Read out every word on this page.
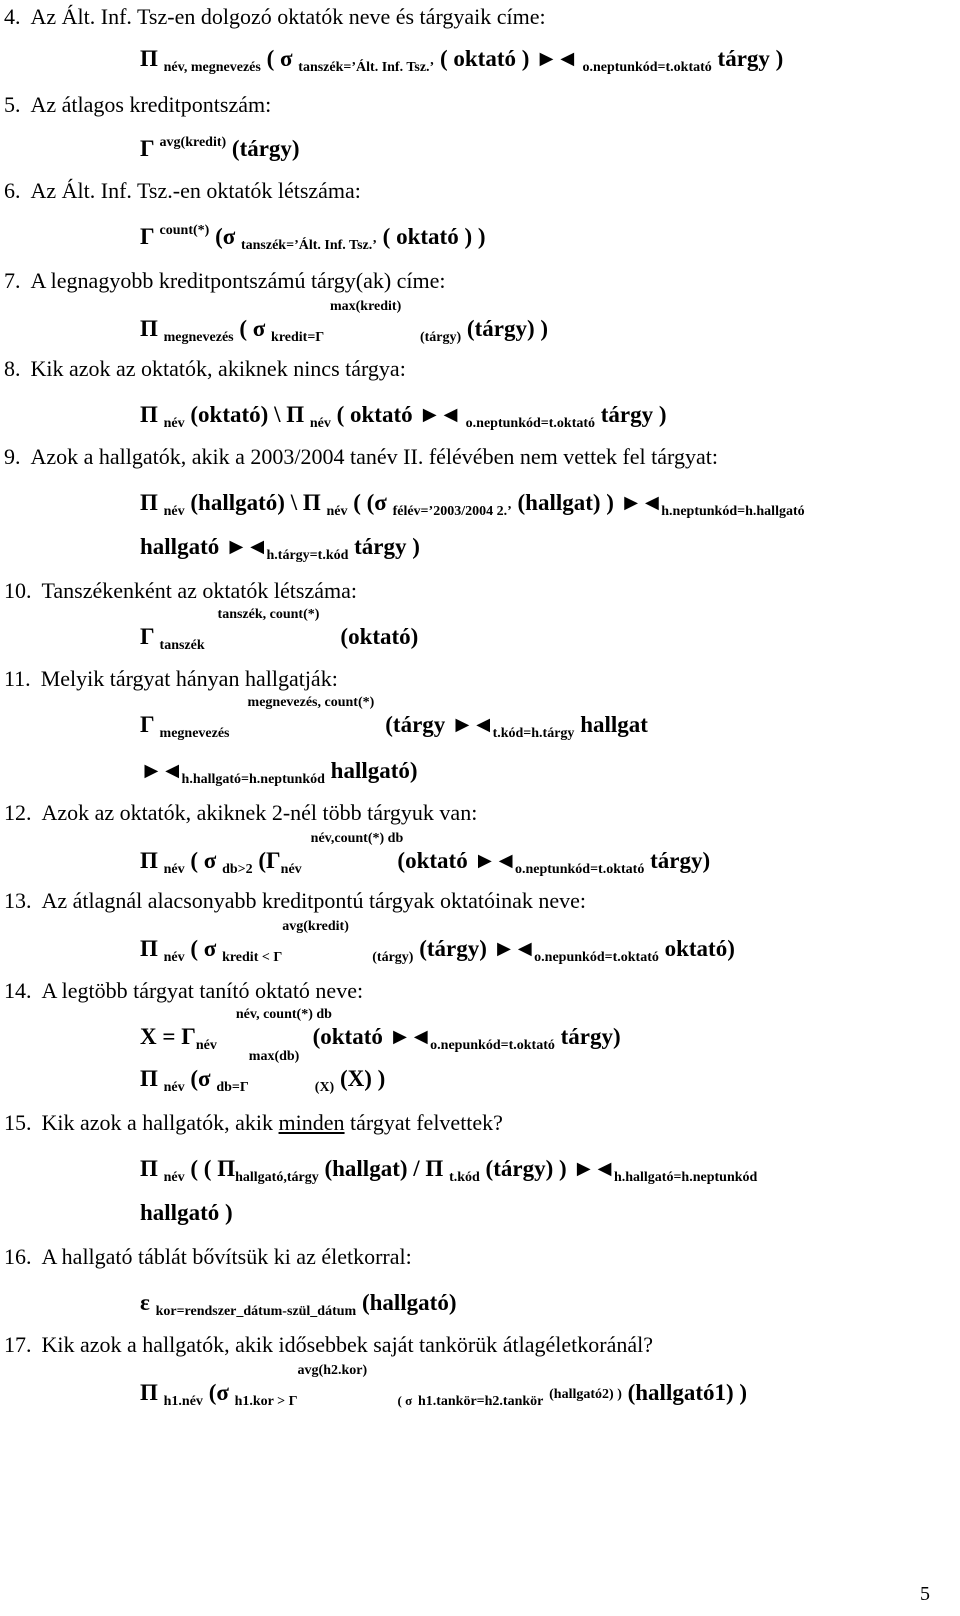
4. Az Ált. Inf. Tsz-en dolgozó oktatók neve és tárgyaik címe:

Π $_{név, megnevezés}$ ( σ $_{tanszék=’Ált. Inf. Tsz.’}$ ( oktató ) ►◄ $_{o.neptunkód=t.oktató}$ tárgy )

5. Az átlagos kreditpontszám:

Γ $^{avg(kredit)}$ (tárgy)

6. Az Ált. Inf. Tsz.-en oktatók létszáma:

Γ $^{count(*)}$ (σ $_{tanszék=’Ált. Inf. Tsz.’}$ ( oktató ) )

7. A legnagyobb kreditpontszámú tárgy(ak) címe:

Π $_{megnevezés}$ ( σ $_{kredit=\Gamma}$
max(kredit)
(tárgy) (tárgy) )

8. Kik azok az oktatók, akiknek nincs tárgya:

Π $_{név}$ (oktató) \ Π $_{név}$ ( oktató ►◄ $_{o.neptunkód=t.oktató}$ tárgy )

9. Azok a hallgatók, akik a 2003/2004 tanév II. félévében nem vettek fel tárgyat:

Π $_{név}$ (hallgató) \ Π $_{név}$ ( (σ $_{félév=’2003/2004 2.’}$ (hallgat) ) $►◄_{h.neptunkód=h.hallgató}$

hallgató $►◄_{h.tárgy=t.kód}$ tárgy )

10. Tanszékenként az oktatók létszáma:

Γ
tanszék, count(*)
tanszék	(oktató)

11. Melyik tárgyat hányan hallgatják:

Γ
megnevezés, count(*)
megnevezés	(tárgy $►◄_{t.kód=h.tárgy}$ hallgat

$►◄_{h.hallgató=h.neptunkód}$ hallgató)

12. Azok az oktatók, akiknek 2-nél több tárgyuk van:

Π $_{név}$ ( σ $_{db>2}$ (Γ
név,count(*) db
név	(oktató $►◄_{o.neptunkód=t.oktató}$ tárgy)

13. Az átlagnál alacsonyabb kreditpontú tárgyak oktatóinak neve:

Π $_{név}$ ( σ $_{kredit < \Gamma}$
avg(kredit)
(tárgy) (tárgy) $►◄_{o.nepunkód=t.oktató}$ oktató)

14. A legtöbb tárgyat tanító oktató neve:

X = Γ
név, count(*) db
név	(oktató $►◄_{o.nepunkód=t.oktató}$ tárgy)

Π $_{név}$ (σ $_{db=\Gamma}$
max(db)
(X) (X) )

15. Kik azok a hallgatók, akik minden tárgyat felvettek?

Π $_{név}$ ( ( $\Pi_{hallgató,tárgy}$ (hallgat) / Π $_{t.kód}$ (tárgy) ) $►◄_{h.hallgató=h.neptunkód}$

hallgató )

16. A hallgató táblát bővítsük ki az életkorral:

ε $_{kor=rendszer\_dátum-szül\_dátum}$ (hallgató)

17. Kik azok a hallgatók, akik idősebbek saját tankörük átlagéletkoránál?

Π $_{h1.név}$ (σ $_{h1.kor > \Gamma}$
avg(h2.kor)
( σ $_{h1.tankör=h2.tankör}$ $^{(hallgató2) )}$ (hallgató1) )

5
